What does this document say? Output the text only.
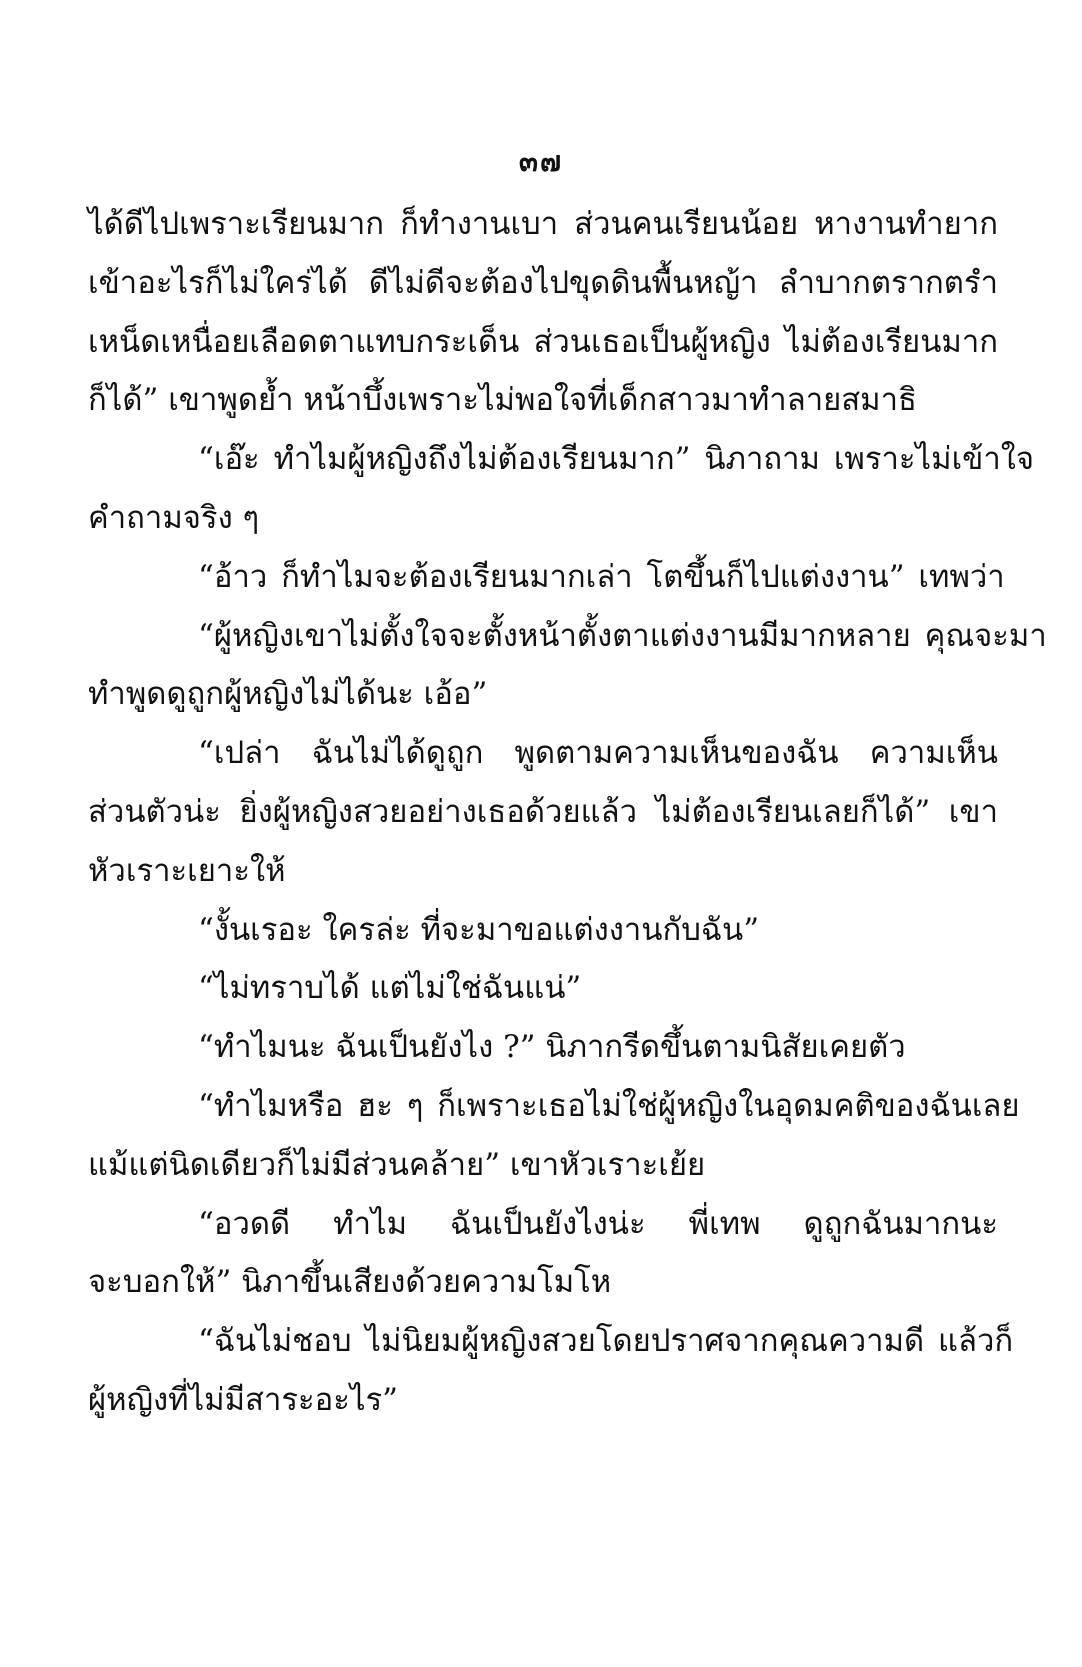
๓๗
ได้ดีไปเพราะเรียนมาก ก็ทำงานเบา ส่วนคนเรียนน้อย หางานทำยาก
เข้าอะไรก็ไม่ใคร่ได้ ดีไม่ดีจะต้องไปขุดดินพื้นหญ้า ลำบากตรากตรำ
เหน็ดเหนื่อยเลือดตาแทบกระเด็น ส่วนเธอเป็นผู้หญิง ไม่ต้องเรียนมาก
ก็ได้” เขาพูดย้ำ หน้าบึ้งเพราะไม่พอใจที่เด็กสาวมาทำลายสมาธิ
“เอ๊ะ ทำไมผู้หญิงถึงไม่ต้องเรียนมาก” นิภาถาม เพราะไม่เข้าใจ
คำถามจริง ๆ
“อ้าว ก็ทำไมจะต้องเรียนมากเล่า โตขึ้นก็ไปแต่งงาน” เทพว่า
“ผู้หญิงเขาไม่ตั้งใจจะตั้งหน้าตั้งตาแต่งงานมีมากหลาย คุณจะมา
ทำพูดดูถูกผู้หญิงไม่ได้นะ เอ้อ”
“เปล่า ฉันไม่ได้ดูถูก พูดตามความเห็นของฉัน ความเห็น
ส่วนตัวน่ะ ยิ่งผู้หญิงสวยอย่างเธอด้วยแล้ว ไม่ต้องเรียนเลยก็ได้” เขา
หัวเราะเยาะให้
“งั้นเรอะ ใครล่ะ ที่จะมาขอแต่งงานกับฉัน”
“ไม่ทราบได้ แต่ไม่ใช่ฉันแน่”
“ทำไมนะ ฉันเป็นยังไง ?” นิภากรีดขึ้นตามนิสัยเคยตัว
“ทำไมหรือ ฮะ ๆ ก็เพราะเธอไม่ใช่ผู้หญิงในอุดมคติของฉันเลย
แม้แต่นิดเดียวก็ไม่มีส่วนคล้าย” เขาหัวเราะเย้ย
“อวดดี ทำไม ฉันเป็นยังไงน่ะ พี่เทพ ดูถูกฉันมากนะ
จะบอกให้” นิภาขึ้นเสียงด้วยความโมโห
“ฉันไม่ชอบ ไม่นิยมผู้หญิงสวยโดยปราศจากคุณความดี แล้วก็
ผู้หญิงที่ไม่มีสาระอะไร”
